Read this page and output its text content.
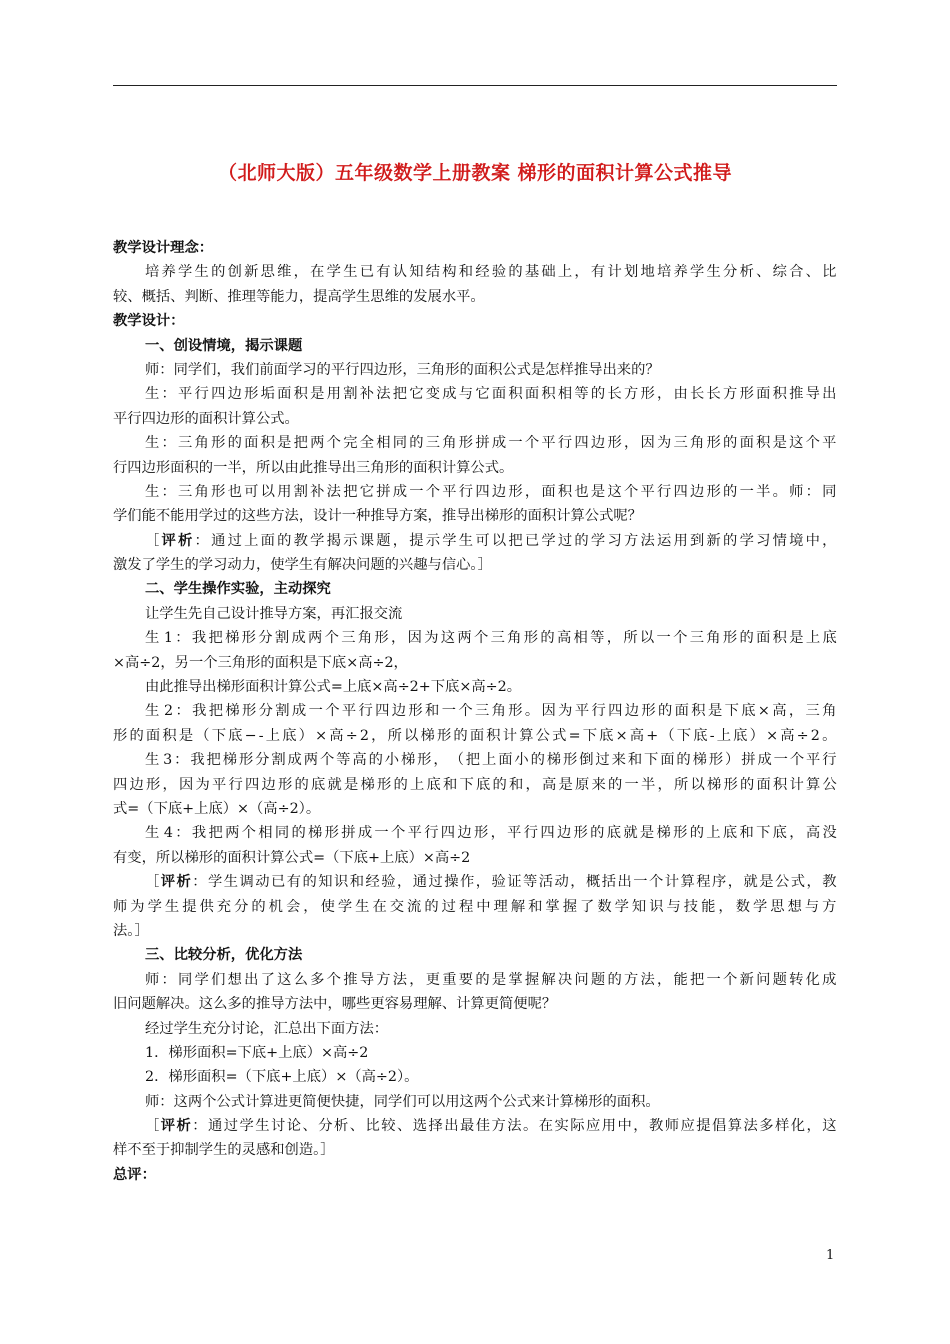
（北师大版）五年级数学上册教案 梯形的面积计算公式推导
教学设计理念：
培 养 学 生 的 创 新 思 维 ， 在 学 生 已 有 认 知 结 构 和 经 验 的 基 础 上 ， 有 计 划 地 培 养 学 生 分 析 、 综 合 、 比
较、概括、判断、推理等能力，提高学生思维的发展水平。
教学设计：
一、创设情境，揭示课题
师：同学们，我们前面学习的平行四边形，三角形的面积公式是怎样推导出来的？
生 ： 平 行 四 边 形 垢 面 积 是 用 割 补 法 把 它 变 成 与 它 面 积 面 积 相 等 的 长 方 形 ， 由 长 长 方 形 面 积 推 导 出
平行四边形的面积计算公式。
生 ： 三 角 形 的 面 积 是 把 两 个 完 全 相 同 的 三 角 形 拼 成 一 个 平 行 四 边 形 ， 因 为 三 角 形 的 面 积 是 这 个 平
行四边形面积的一半，所以由此推导出三角形的面积计算公式。
生 ： 三 角 形 也 可 以 用 割 补 法 把 它 拼 成 一 个 平 行 四 边 形 ， 面 积 也 是 这 个 平 行 四 边 形 的 一 半 。 师 ： 同
学们能不能用学过的这些方法，设计一种推导方案，推导出梯形的面积计算公式呢？
［ 评 析 ： 通 过 上 面 的 教 学 揭 示 课 题 ， 提 示 学 生 可 以 把 已 学 过 的 学 习 方 法 运 用 到 新 的 学 习 情 境 中 ，
激发了学生的学习动力，使学生有解决问题的兴趣与信心。］
二、学生操作实验，主动探究
让学生先自己设计推导方案，再汇报交流
生 1 ： 我 把 梯 形 分 割 成 两 个 三 角 形 ， 因 为 这 两 个 三 角 形 的 高 相 等 ， 所 以 一 个 三 角 形 的 面 积 是 上 底
×高÷2，另一个三角形的面积是下底×高÷2，
由此推导出梯形面积计算公式=上底×高÷2+下底×高÷2。
生 2 ： 我 把 梯 形 分 割 成 一 个 平 行 四 边 形 和 一 个 三 角 形 。 因 为 平 行 四 边 形 的 面 积 是 下 底 × 高 ， 三 角
形 的 面 积 是 （ 下 底 − - 上 底 ） × 高 ÷ 2 ， 所 以 梯 形 的 面 积 计 算 公 式 = 下 底 × 高 + （ 下 底 - 上 底 ） × 高 ÷ 2 。
生 3 ： 我 把 梯 形 分 割 成 两 个 等 高 的 小 梯 形 ， （ 把 上 面 小 的 梯 形 倒 过 来 和 下 面 的 梯 形 ） 拼 成 一 个 平 行
四 边 形 ， 因 为 平 行 四 边 形 的 底 就 是 梯 形 的 上 底 和 下 底 的 和 ， 高 是 原 来 的 一 半 ， 所 以 梯 形 的 面 积 计 算 公
式=（下底+上底）×（高÷2）。
生 4 ： 我 把 两 个 相 同 的 梯 形 拼 成 一 个 平 行 四 边 形 ， 平 行 四 边 形 的 底 就 是 梯 形 的 上 底 和 下 底 ， 高 没
有变，所以梯形的面积计算公式=（下底+上底）×高÷2
［ 评 析 ： 学 生 调 动 已 有 的 知 识 和 经 验 ， 通 过 操 作 ， 验 证 等 活 动 ， 概 括 出 一 个 计 算 程 序 ， 就 是 公 式 ， 教
师 为 学 生 提 供 充 分 的 机 会 ， 使 学 生 在 交 流 的 过 程 中 理 解 和 掌 握 了 数 学 知 识 与 技 能 ， 数 学 思 想 与 方
法。］
三、比较分析，优化方法
师 ： 同 学 们 想 出 了 这 么 多 个 推 导 方 法 ， 更 重 要 的 是 掌 握 解 决 问 题 的 方 法 ， 能 把 一 个 新 问 题 转 化 成
旧问题解决。这么多的推导方法中，哪些更容易理解、计算更简便呢？
经过学生充分讨论，汇总出下面方法：
1．梯形面积=下底+上底）×高÷2
2．梯形面积=（下底+上底）×（高÷2）。
师：这两个公式计算进更简便快捷，同学们可以用这两个公式来计算梯形的面积。
［ 评 析 ： 通 过 学 生 讨 论 、 分 析 、 比 较 、 选 择 出 最 佳 方 法 。 在 实 际 应 用 中 ， 教 师 应 提 倡 算 法 多 样 化 ， 这
样不至于抑制学生的灵感和创造。］
总评：
1
